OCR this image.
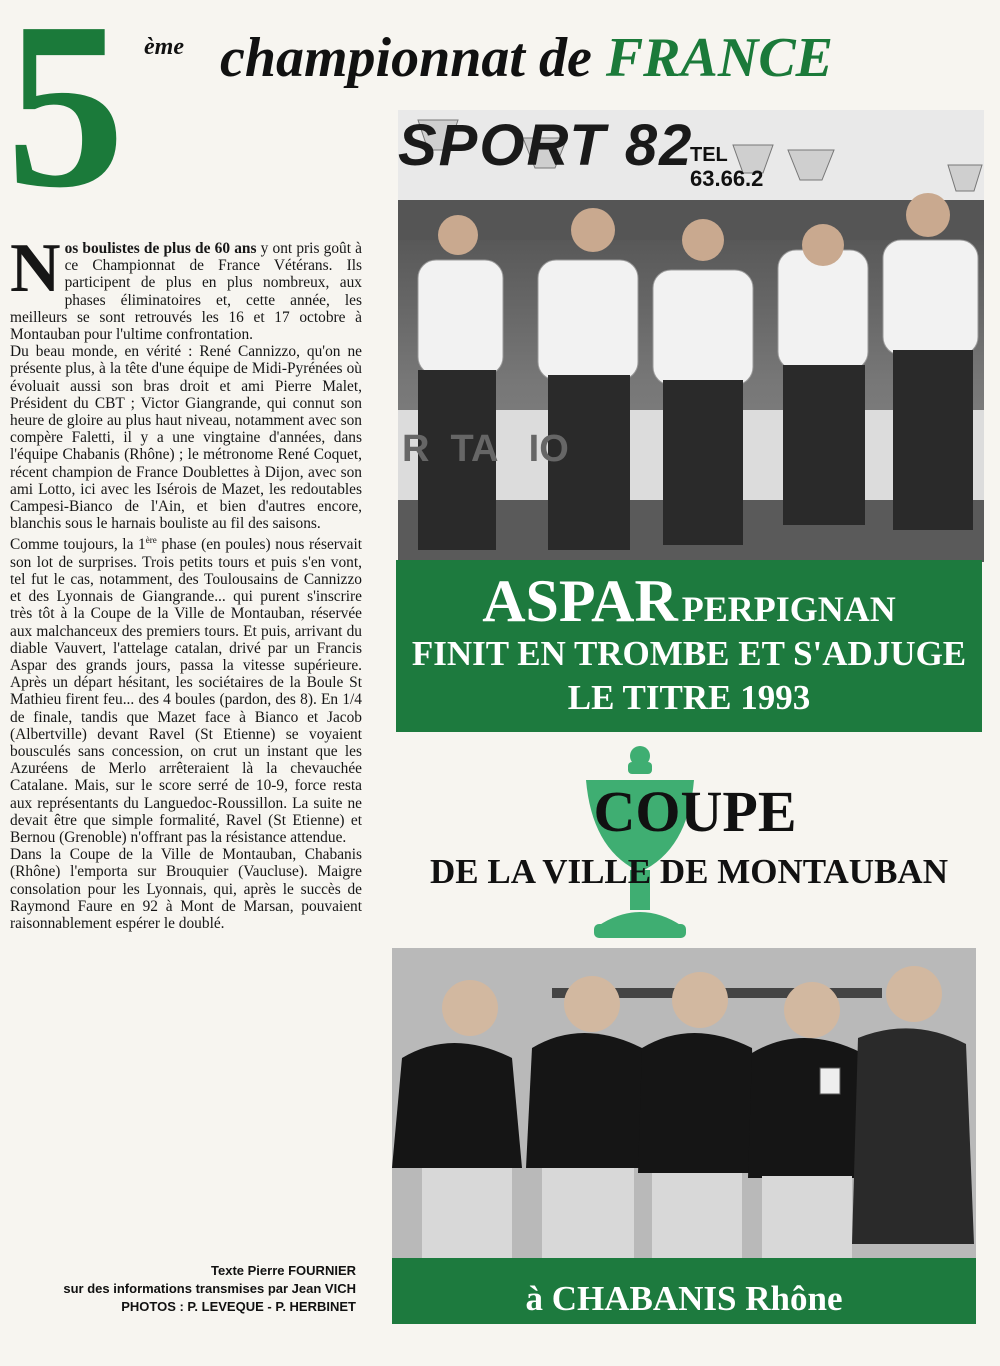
5 ème championnat de FRANCE

Nos boulistes de plus de 60 ans y ont pris goût à ce Championnat de France Vétérans. Ils participent de plus en plus nombreux, aux phases éliminatoires et, cette année, les meilleurs se sont retrouvés les 16 et 17 octobre à Montauban pour l'ultime confrontation.

Du beau monde, en vérité : René Cannizzo, qu'on ne présente plus, à la tête d'une équipe de Midi-Pyrénées où évoluait aussi son bras droit et ami Pierre Malet, Président du CBT ; Victor Giangrande, qui connut son heure de gloire au plus haut niveau, notamment avec son compère Faletti, il y a une vingtaine d'années, dans l'équipe Chabanis (Rhône) ; le métronome René Coquet, récent champion de France Doublettes à Dijon, avec son ami Lotto, ici avec les Isérois de Mazet, les redoutables Campesi-Bianco de l'Ain, et bien d'autres encore, blanchis sous le harnais bouliste au fil des saisons.

Comme toujours, la 1ère phase (en poules) nous réservait son lot de surprises. Trois petits tours et puis s'en vont, tel fut le cas, notamment, des Toulousains de Cannizzo et des Lyonnais de Giangrande... qui purent s'inscrire très tôt à la Coupe de la Ville de Montauban, réservée aux malchanceux des premiers tours. Et puis, arrivant du diable Vauvert, l'attelage catalan, drivé par un Francis Aspar des grands jours, passa la vitesse supérieure. Après un départ hésitant, les sociétaires de la Boule St Mathieu firent feu... des 4 boules (pardon, des 8). En 1/4 de finale, tandis que Mazet face à Bianco et Jacob (Albertville) devant Ravel (St Etienne) se voyaient bousculés sans concession, on crut un instant que les Azuréens de Merlo arrêteraient là la chevauchée Catalane. Mais, sur le score serré de 10-9, force resta aux représentants du Languedoc-Roussillon. La suite ne devait être que simple formalité, Ravel (St Etienne) et Bernou (Grenoble) n'offrant pas la résistance attendue.

Dans la Coupe de la Ville de Montauban, Chabanis (Rhône) l'emporta sur Brouquier (Vaucluse). Maigre consolation pour les Lyonnais, qui, après le succès de Raymond Faure en 92 à Mont de Marsan, pouvaient raisonnablement espérer le doublé.

Texte Pierre FOURNIER
sur des informations transmises par Jean VICH
PHOTOS : P. LEVEQUE - P. HERBINET
SPORT 82
TEL
63.66.2
R  TA   IO
ASPAR PERPIGNAN
FINIT EN TROMBE ET S'ADJUGE
LE TITRE 1993
COUPE
DE LA VILLE DE MONTAUBAN
à CHABANIS Rhône
